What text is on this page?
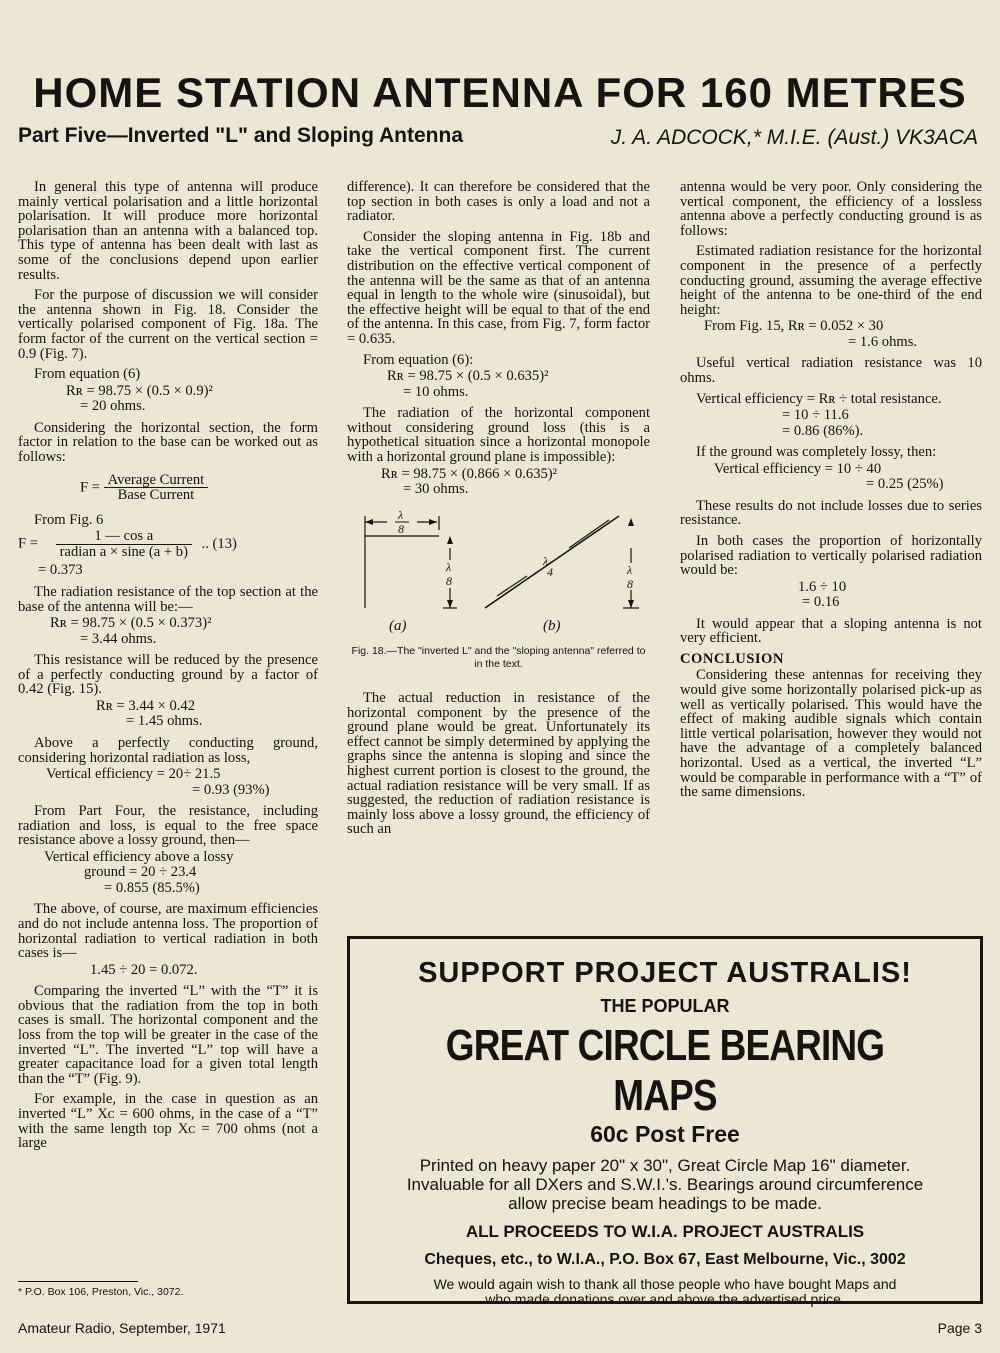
HOME STATION ANTENNA FOR 160 METRES
Part Five—Inverted "L" and Sloping Antenna	J. A. ADCOCK,* M.I.E. (Aust.) VK3ACA

In general this type of antenna will produce mainly vertical polarisation and a little horizontal polarisation. It will produce more horizontal polarisation than an antenna with a balanced top. This type of antenna has been dealt with last as some of the conclusions depend upon earlier results.

For the purpose of discussion we will consider the antenna shown in Fig. 18. Consider the vertically polarised component of Fig. 18a. The form factor of the current on the vertical section = 0.9 (Fig. 7).

From equation (6)

Rʀ = 98.75 × (0.5 × 0.9)²
= 20 ohms.

Considering the horizontal section, the form factor in relation to the base can be worked out as follows:

$F = \frac{\text{Average Current}}{\text{Base Current}}$

From Fig. 6

$F = \frac{\text{1 — cos a}}{\text{radian a × sine (a + b)}}$ .. (13)
= 0.373

The radiation resistance of the top section at the base of the antenna will be:—

Rʀ = 98.75 × (0.5 × 0.373)²
= 3.44 ohms.

This resistance will be reduced by the presence of a perfectly conducting ground by a factor of 0.42 (Fig. 15).

Rʀ = 3.44 × 0.42
= 1.45 ohms.

Above a perfectly conducting ground, considering horizontal radiation as loss,

Vertical efficiency = 20÷ 21.5
= 0.93 (93%)

From Part Four, the resistance, including radiation and loss, is equal to the free space resistance above a lossy ground, then—

Vertical efficiency above a lossy
ground = 20 ÷ 23.4
= 0.855 (85.5%)

The above, of course, are maximum efficiencies and do not include antenna loss. The proportion of horizontal radiation to vertical radiation in both cases is—

1.45 ÷ 20 = 0.072.

Comparing the inverted “L” with the “T” it is obvious that the radiation from the top in both cases is small. The horizontal component and the loss from the top will be greater in the case of the inverted “L”. The inverted “L” top will have a greater capacitance load for a given total length than the “T” (Fig. 9).

For example, in the case in question as an inverted “L” Xᴄ = 600 ohms, in the case of a “T” with the same length top Xᴄ = 700 ohms (not a large

difference). It can therefore be considered that the top section in both cases is only a load and not a radiator.

Consider the sloping antenna in Fig. 18b and take the vertical component first. The current distribution on the effective vertical component of the antenna will be the same as that of an antenna equal in length to the whole wire (sinusoidal), but the effective height will be equal to that of the end of the antenna. In this case, from Fig. 7, form factor = 0.635.

From equation (6):

Rʀ = 98.75 × (0.5 × 0.635)²
= 10 ohms.

The radiation of the horizontal component without considering ground loss (this is a hypothetical situation since a horizontal monopole with a horizontal ground plane is impossible):

Rʀ = 98.75 × (0.866 × 0.635)²
= 30 ohms.
λ
8
λ
8
λ
4	λ
8
(a)	(b)
Fig. 18.—The "inverted L" and the "sloping antenna" referred to in the text.

The actual reduction in resistance of the horizontal component by the presence of the ground plane would be great. Unfortunately its effect cannot be simply determined by applying the graphs since the antenna is sloping and since the highest current portion is closest to the ground, the actual radiation resistance will be very small. If as suggested, the reduction of radiation resistance is mainly loss above a lossy ground, the efficiency of such an

antenna would be very poor. Only considering the vertical component, the efficiency of a lossless antenna above a perfectly conducting ground is as follows:

Estimated radiation resistance for the horizontal component in the presence of a perfectly conducting ground, assuming the average effective height of the antenna to be one-third of the end height:

From Fig. 15, Rʀ = 0.052 × 30
= 1.6 ohms.

Useful vertical radiation resistance was 10 ohms.

Vertical efficiency = Rʀ ÷ total resistance.

= 10 ÷ 11.6
= 0.86 (86%).

If the ground was completely lossy, then:

Vertical efficiency = 10 ÷ 40
= 0.25 (25%)

These results do not include losses due to series resistance.

In both cases the proportion of horizontally polarised radiation to vertically polarised radiation would be:

1.6 ÷ 10
= 0.16

It would appear that a sloping antenna is not very efficient.

CONCLUSION

Considering these antennas for receiving they would give some horizontally polarised pick-up as well as vertically polarised. This would have the effect of making audible signals which contain little vertical polarisation, however they would not have the advantage of a completely balanced horizontal. Used as a vertical, the inverted “L” would be comparable in performance with a “T” of the same dimensions.

SUPPORT PROJECT AUSTRALIS!
THE POPULAR
GREAT CIRCLE BEARING MAPS
60c Post Free
Printed on heavy paper 20" x 30", Great Circle Map 16" diameter.
Invaluable for all DXers and S.W.I.'s. Bearings around circumference
allow precise beam headings to be made.
ALL PROCEEDS TO W.I.A. PROJECT AUSTRALIS
Cheques, etc., to W.I.A., P.O. Box 67, East Melbourne, Vic., 3002
We would again wish to thank all those people who have bought Maps and
who made donations over and above the advertised price.
* P.O. Box 106, Preston, Vic., 3072.
Amateur Radio, September, 1971	Page 3
